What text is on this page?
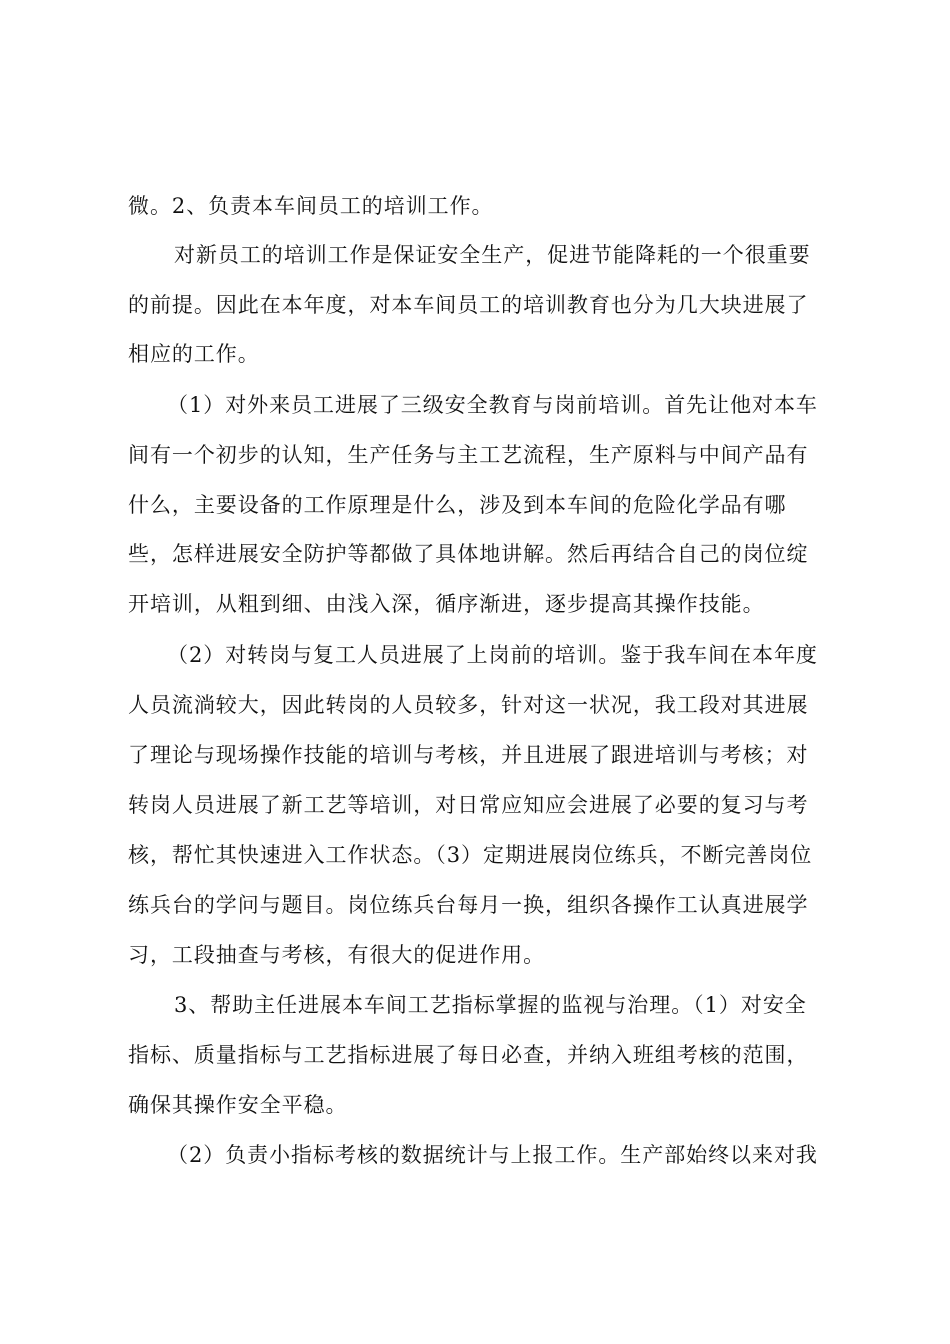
微。2、负责本车间员工的培训工作。
对新员工的培训工作是保证安全生产，促进节能降耗的一个很重要
的前提。因此在本年度，对本车间员工的培训教育也分为几大块进展了
相应的工作。
（1）对外来员工进展了三级安全教育与岗前培训。首先让他对本车
间有一个初步的认知，生产任务与主工艺流程，生产原料与中间产品有
什么，主要设备的工作原理是什么，涉及到本车间的危险化学品有哪
些，怎样进展安全防护等都做了具体地讲解。然后再结合自己的岗位绽
开培训，从粗到细、由浅入深，循序渐进，逐步提高其操作技能。
（2）对转岗与复工人员进展了上岗前的培训。鉴于我车间在本年度
人员流淌较大，因此转岗的人员较多，针对这一状况，我工段对其进展
了理论与现场操作技能的培训与考核，并且进展了跟进培训与考核；对
转岗人员进展了新工艺等培训，对日常应知应会进展了必要的复习与考
核，帮忙其快速进入工作状态。（3）定期进展岗位练兵，不断完善岗位
练兵台的学问与题目。岗位练兵台每月一换，组织各操作工认真进展学
习，工段抽查与考核，有很大的促进作用。
3、帮助主任进展本车间工艺指标掌握的监视与治理。（1）对安全
指标、质量指标与工艺指标进展了每日必查，并纳入班组考核的范围，
确保其操作安全平稳。
（2）负责小指标考核的数据统计与上报工作。生产部始终以来对我
